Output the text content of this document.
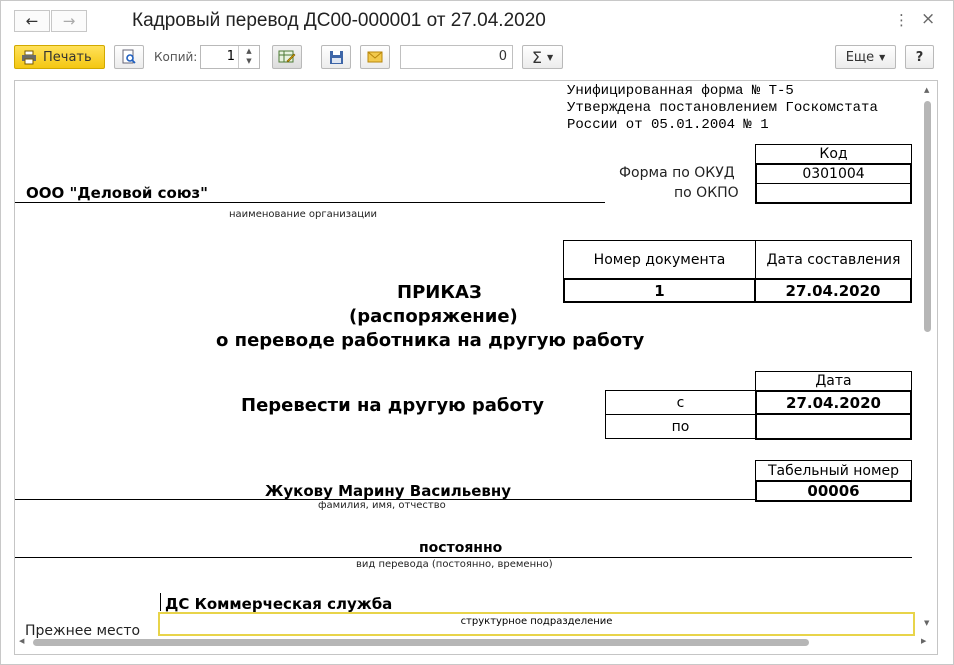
← →	Кадровый перевод ДС00-000001 от 27.04.2020	⋮ ×
Печать	Копий: 1	▲
▼	0 Σ ▼	Еще ▼	?
Унифицированная форма № Т-5
Утверждена постановлением Госкомстата
России от 05.01.2004 № 1
Код
Форма по ОКУД	0301004
по ОКПО
ООО "Деловой союз"
наименование организации
Номер документа	Дата составления
1	27.04.2020
ПРИКАЗ
(распоряжение)
о переводе работника на другую работу
Дата
Перевести на другую работу	с	27.04.2020
по
Табельный номер
00006
Жукову Марину Васильевну
фамилия, имя, отчество
постоянно
вид перевода (постоянно, временно)
ДС Коммерческая служба
структурное подразделение
Прежнее место
▲
▼
◀	▶
